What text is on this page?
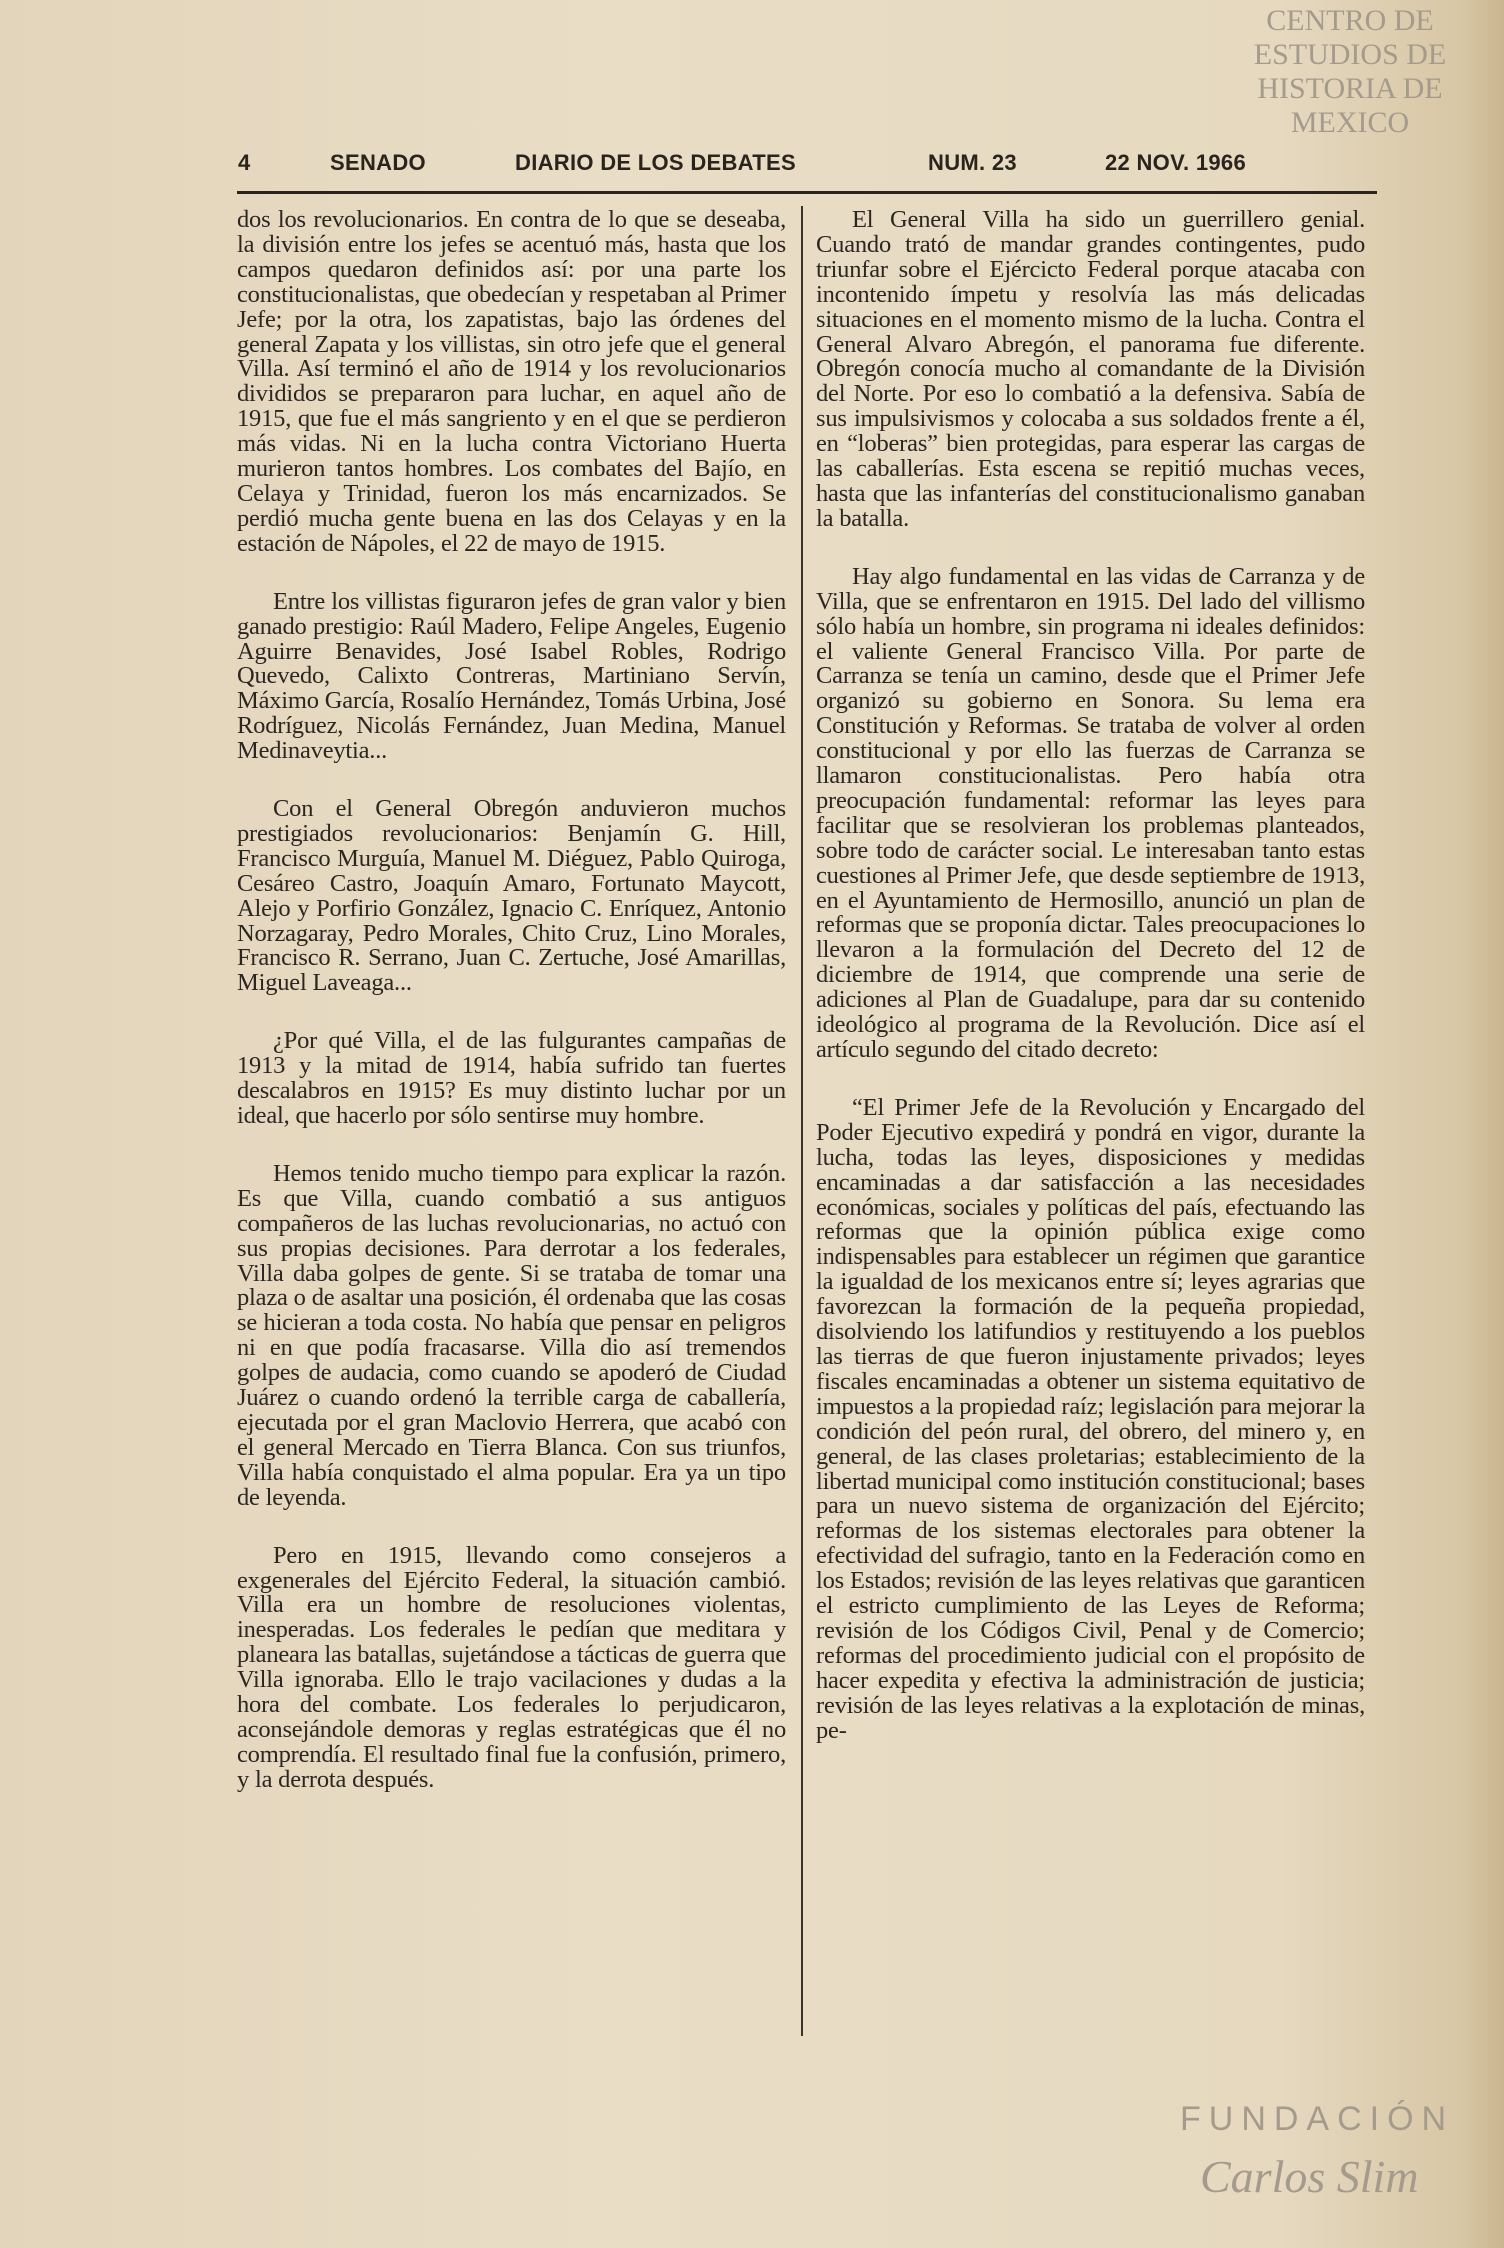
CENTRO DE ESTUDIOS DE HISTORIA DE MEXICO
FUNDACIÓN
Carlos Slim
4	SENADO	DIARIO DE LOS DEBATES	NUM. 23	22 NOV. 1966

dos los revolucionarios. En contra de lo que se deseaba, la división entre los jefes se acentuó más, hasta que los campos quedaron definidos así: por una parte los constitucionalistas, que obedecían y respetaban al Primer Jefe; por la otra, los zapatistas, bajo las órdenes del general Zapata y los villistas, sin otro jefe que el general Villa. Así terminó el año de 1914 y los revolucionarios divididos se prepararon para luchar, en aquel año de 1915, que fue el más sangriento y en el que se perdieron más vidas. Ni en la lucha contra Victoriano Huerta murieron tantos hombres. Los combates del Bajío, en Celaya y Trinidad, fueron los más encarnizados. Se perdió mucha gente buena en las dos Celayas y en la estación de Nápoles, el 22 de mayo de 1915.

Entre los villistas figuraron jefes de gran valor y bien ganado prestigio: Raúl Madero, Felipe Angeles, Eugenio Aguirre Benavides, José Isabel Robles, Rodrigo Quevedo, Calixto Contreras, Martiniano Servín, Máximo García, Rosalío Hernández, Tomás Urbina, José Rodríguez, Nicolás Fernández, Juan Medina, Manuel Medinaveytia...

Con el General Obregón anduvieron muchos prestigiados revolucionarios: Benjamín G. Hill, Francisco Murguía, Manuel M. Diéguez, Pablo Quiroga, Cesáreo Castro, Joaquín Amaro, Fortunato Maycott, Alejo y Porfirio González, Ignacio C. Enríquez, Antonio Norzagaray, Pedro Morales, Chito Cruz, Lino Morales, Francisco R. Serrano, Juan C. Zertuche, José Amarillas, Miguel Laveaga...

¿Por qué Villa, el de las fulgurantes campañas de 1913 y la mitad de 1914, había sufrido tan fuertes descalabros en 1915? Es muy distinto luchar por un ideal, que hacerlo por sólo sentirse muy hombre.

Hemos tenido mucho tiempo para explicar la razón. Es que Villa, cuando combatió a sus antiguos compañeros de las luchas revolucionarias, no actuó con sus propias decisiones. Para derrotar a los federales, Villa daba golpes de gente. Si se trataba de tomar una plaza o de asaltar una posición, él ordenaba que las cosas se hicieran a toda costa. No había que pensar en peligros ni en que podía fracasarse. Villa dio así tremendos golpes de audacia, como cuando se apoderó de Ciudad Juárez o cuando ordenó la terrible carga de caballería, ejecutada por el gran Maclovio Herrera, que acabó con el general Mercado en Tierra Blanca. Con sus triunfos, Villa había conquistado el alma popular. Era ya un tipo de leyenda.

Pero en 1915, llevando como consejeros a exgenerales del Ejército Federal, la situación cambió. Villa era un hombre de resoluciones violentas, inesperadas. Los federales le pedían que meditara y planeara las batallas, sujetándose a tácticas de guerra que Villa ignoraba. Ello le trajo vacilaciones y dudas a la hora del combate. Los federales lo perjudicaron, aconsejándole demoras y reglas estratégicas que él no comprendía. El resultado final fue la confusión, primero, y la derrota después.

El General Villa ha sido un guerrillero genial. Cuando trató de mandar grandes contingentes, pudo triunfar sobre el Ejércicto Federal porque atacaba con incontenido ímpetu y resolvía las más delicadas situaciones en el momento mismo de la lucha. Contra el General Alvaro Abregón, el panorama fue diferente. Obregón conocía mucho al comandante de la División del Norte. Por eso lo combatió a la defensiva. Sabía de sus impulsivismos y colocaba a sus soldados frente a él, en “loberas” bien protegidas, para esperar las cargas de las caballerías. Esta escena se repitió muchas veces, hasta que las infanterías del constitucionalismo ganaban la batalla.

Hay algo fundamental en las vidas de Carranza y de Villa, que se enfrentaron en 1915. Del lado del villismo sólo había un hombre, sin programa ni ideales definidos: el valiente General Francisco Villa. Por parte de Carranza se tenía un camino, desde que el Primer Jefe organizó su gobierno en Sonora. Su lema era Constitución y Reformas. Se trataba de volver al orden constitucional y por ello las fuerzas de Carranza se llamaron constitucionalistas. Pero había otra preocupación fundamental: reformar las leyes para facilitar que se resolvieran los problemas planteados, sobre todo de carácter social. Le interesaban tanto estas cuestiones al Primer Jefe, que desde septiembre de 1913, en el Ayuntamiento de Hermosillo, anunció un plan de reformas que se proponía dictar. Tales preocupaciones lo llevaron a la formulación del Decreto del 12 de diciembre de 1914, que comprende una serie de adiciones al Plan de Guadalupe, para dar su contenido ideológico al programa de la Revolución. Dice así el artículo segundo del citado decreto:

“El Primer Jefe de la Revolución y Encargado del Poder Ejecutivo expedirá y pondrá en vigor, durante la lucha, todas las leyes, disposiciones y medidas encaminadas a dar satisfacción a las necesidades económicas, sociales y políticas del país, efectuando las reformas que la opinión pública exige como indispensables para establecer un régimen que garantice la igualdad de los mexicanos entre sí; leyes agrarias que favorezcan la formación de la pequeña propiedad, disolviendo los latifundios y restituyendo a los pueblos las tierras de que fueron injustamente privados; leyes fiscales encaminadas a obtener un sistema equitativo de impuestos a la propiedad raíz; legislación para mejorar la condición del peón rural, del obrero, del minero y, en general, de las clases proletarias; establecimiento de la libertad municipal como institución constitucional; bases para un nuevo sistema de organización del Ejército; reformas de los sistemas electorales para obtener la efectividad del sufragio, tanto en la Federación como en los Estados; revisión de las leyes relativas que garanticen el estricto cumplimiento de las Leyes de Reforma; revisión de los Códigos Civil, Penal y de Comercio; reformas del procedimiento judicial con el propósito de hacer expedita y efectiva la administración de justicia; revisión de las leyes relativas a la explotación de minas, pe-
